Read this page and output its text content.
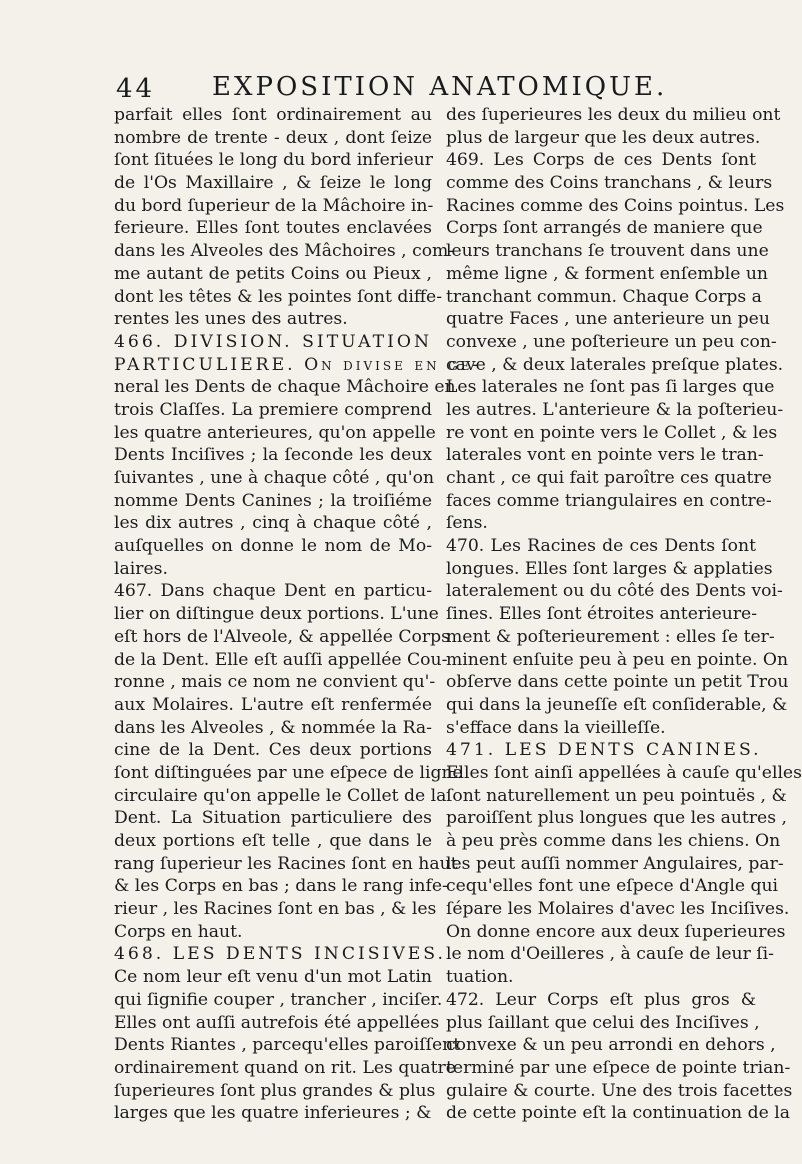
44 EXPOSITION ANATOMIQUE.
parfait elles ſont ordinairement au
nombre de trente - deux , dont ſeize
ſont ſituées le long du bord inferieur
de l'Os Maxillaire , & ſeize le long
du bord ſuperieur de la Mâchoire in-
ferieure. Elles ſont toutes enclavées
dans les Alveoles des Mâchoires , com-
me autant de petits Coins ou Pieux ,
dont les têtes & les pointes ſont diffe-
rentes les unes des autres.
466. DIVISION. SITUATION
PARTICULIERE. On diviſe en ge-
neral les Dents de chaque Mâchoire en
trois Claſſes. La premiere comprend
les quatre anterieures, qu'on appelle
Dents Inciſives ; la ſeconde les deux
ſuivantes , une à chaque côté , qu'on
nomme Dents Canines ; la troiſiéme
les dix autres , cinq à chaque côté ,
auſquelles on donne le nom de Mo-
laires.
467. Dans chaque Dent en particu-
lier on diſtingue deux portions. L'une
eſt hors de l'Alveole, & appellée Corps
de la Dent. Elle eſt auſſi appellée Cou-
ronne , mais ce nom ne convient qu'-
aux Molaires. L'autre eſt renfermée
dans les Alveoles , & nommée la Ra-
cine de la Dent. Ces deux portions
ſont diſtinguées par une eſpece de ligne
circulaire qu'on appelle le Collet de la
Dent. La Situation particuliere des
deux portions eſt telle , que dans le
rang ſuperieur les Racines ſont en haut
& les Corps en bas ; dans le rang infe-
rieur , les Racines ſont en bas , & les
Corps en haut.
468. LES DENTS INCISIVES.
Ce nom leur eſt venu d'un mot Latin
qui ſignifie couper , trancher , inciſer.
Elles ont auſſi autrefois été appellées
Dents Riantes , parcequ'elles paroiſſent
ordinairement quand on rit. Les quatre
ſuperieures ſont plus grandes & plus
larges que les quatre inferieures ; &
des ſuperieures les deux du milieu ont
plus de largeur que les deux autres.
469. Les Corps de ces Dents ſont
comme des Coins tranchans , & leurs
Racines comme des Coins pointus. Les
Corps ſont arrangés de maniere que
leurs tranchans ſe trouvent dans une
même ligne , & forment enſemble un
tranchant commun. Chaque Corps a
quatre Faces , une anterieure un peu
convexe , une poſterieure un peu con-
cave , & deux laterales preſque plates.
Les laterales ne ſont pas ſi larges que
les autres. L'anterieure & la poſterieu-
re vont en pointe vers le Collet , & les
laterales vont en pointe vers le tran-
chant , ce qui fait paroître ces quatre
faces comme triangulaires en contre-
ſens.
470. Les Racines de ces Dents ſont
longues. Elles ſont larges & applaties
lateralement ou du côté des Dents voi-
ſines. Elles ſont étroites anterieure-
ment & poſterieurement : elles ſe ter-
minent enſuite peu à peu en pointe. On
obſerve dans cette pointe un petit Trou
qui dans la jeuneſſe eſt conſiderable, &
s'efface dans la vieilleſſe.
471. LES DENTS CANINES.
Elles ſont ainſi appellées à cauſe qu'elles
ſont naturellement un peu pointuës , &
paroiſſent plus longues que les autres ,
à peu près comme dans les chiens. On
les peut auſſi nommer Angulaires, par-
cequ'elles font une eſpece d'Angle qui
ſépare les Molaires d'avec les Inciſives.
On donne encore aux deux ſuperieures
le nom d'Oeilleres , à cauſe de leur ſi-
tuation.
472. Leur Corps eſt plus gros &
plus ſaillant que celui des Inciſives ,
convexe & un peu arrondi en dehors ,
terminé par une eſpece de pointe trian-
gulaire & courte. Une des trois facettes
de cette pointe eſt la continuation de la
